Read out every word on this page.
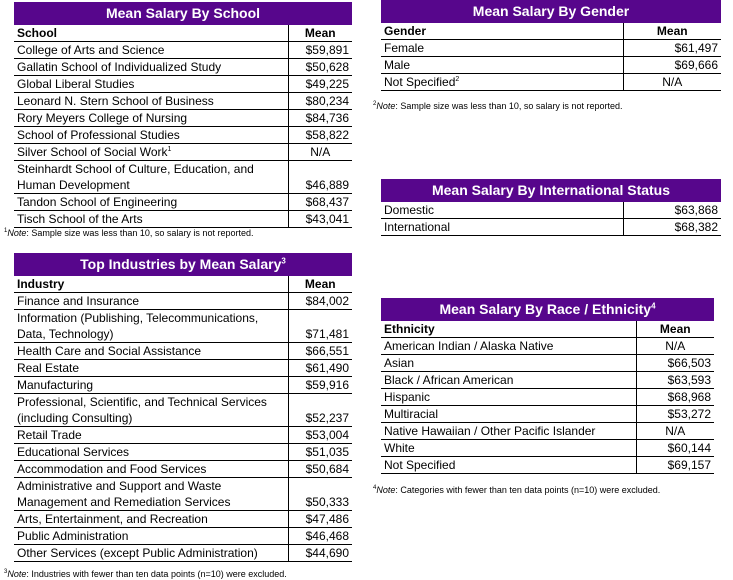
Mean Salary By School
School	Mean
College of Arts and Science	$59,891
Gallatin School of Individualized Study	$50,628
Global Liberal Studies	$49,225
Leonard N. Stern School of Business	$80,234
Rory Meyers College of Nursing	$84,736
School of Professional Studies	$58,822
Silver School of Social Work$^1$	N/A
Steinhardt School of Culture, Education, and
Human Development	$46,889
Tandon School of Engineering	$68,437
Tisch School of the Arts	$43,041
$^1$Note: Sample size was less than 10, so salary is not reported.
Top Industries by Mean Salary$^3$
Industry	Mean
Finance and Insurance	$84,002
Information (Publishing, Telecommunications,
Data, Technology)	$71,481
Health Care and Social Assistance	$66,551
Real Estate	$61,490
Manufacturing	$59,916
Professional, Scientific, and Technical Services
(including Consulting)	$52,237
Retail Trade	$53,004
Educational Services	$51,035
Accommodation and Food Services	$50,684
Administrative and Support and Waste
Management and Remediation Services	$50,333
Arts, Entertainment, and Recreation	$47,486
Public Administration	$46,468
Other Services (except Public Administration)	$44,690
$^3$Note: Industries with fewer than ten data points (n=10) were excluded.
Mean Salary By Gender
Gender	Mean
Female	$61,497
Male	$69,666
Not Specified$^2$	N/A
$^2$Note: Sample size was less than 10, so salary is not reported.
Mean Salary By International Status
Domestic	$63,868
International	$68,382
Mean Salary By Race / Ethnicity$^4$
Ethnicity	Mean
American Indian / Alaska Native	N/A
Asian	$66,503
Black / African American	$63,593
Hispanic	$68,968
Multiracial	$53,272
Native Hawaiian / Other Pacific Islander	N/A
White	$60,144
Not Specified	$69,157
$^4$Note: Categories with fewer than ten data points (n=10) were excluded.
